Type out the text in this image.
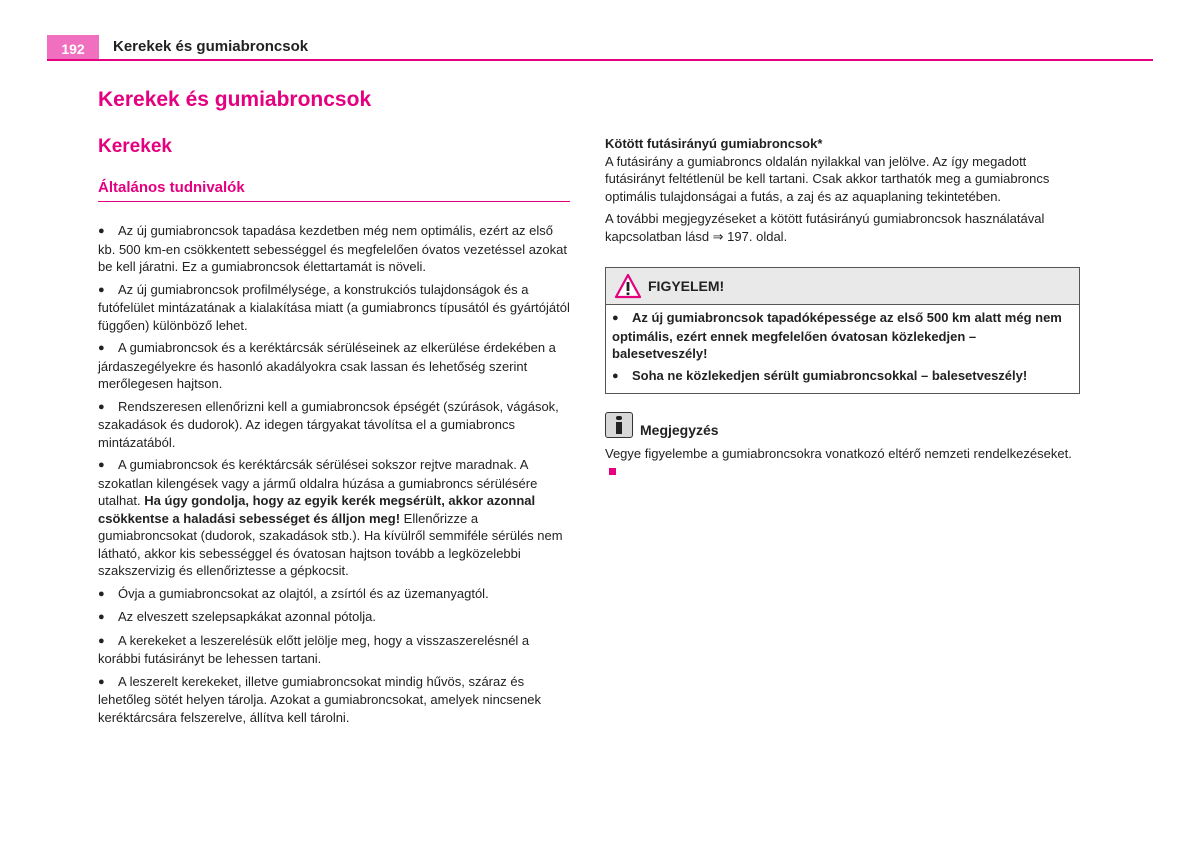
192	Kerekek és gumiabroncsok
Kerekek és gumiabroncsok
Kerekek
Általános tudnivalók
● Az új gumiabroncsok tapadása kezdetben még nem optimális, ezért az első kb. 500 km-en csökkentett sebességgel és megfelelően óvatos vezetéssel azokat be kell járatni. Ez a gumiabroncsok élettartamát is növeli.
● Az új gumiabroncsok profilmélysége, a konstrukciós tulajdonságok és a futófelület mintázatának a kialakítása miatt (a gumiabroncs típusától és gyártójától függően) különböző lehet.
● A gumiabroncsok és a keréktárcsák sérüléseinek az elkerülése érdekében a járdaszegélyekre és hasonló akadályokra csak lassan és lehetőség szerint merőlegesen hajtson.
● Rendszeresen ellenőrizni kell a gumiabroncsok épségét (szúrások, vágások, szakadások és dudorok). Az idegen tárgyakat távolítsa el a gumiabroncs mintázatából.
● A gumiabroncsok és keréktárcsák sérülései sokszor rejtve maradnak. A szokatlan kilengések vagy a jármű oldalra húzása a gumiabroncs sérülésére utalhat. Ha úgy gondolja, hogy az egyik kerék megsérült, akkor azonnal csökkentse a haladási sebességet és álljon meg! Ellenőrizze a gumiabroncsokat (dudorok, szakadások stb.). Ha kívülről semmiféle sérülés nem látható, akkor kis sebességgel és óvatosan hajtson tovább a legközelebbi szakszervizig és ellenőriztesse a gépkocsit.
● Óvja a gumiabroncsokat az olajtól, a zsírtól és az üzemanyagtól.
● Az elveszett szelepsapkákat azonnal pótolja.
● A kerekeket a leszerelésük előtt jelölje meg, hogy a visszaszerelésnél a korábbi futásirányt be lehessen tartani.
● A leszerelt kerekeket, illetve gumiabroncsokat mindig hűvös, száraz és lehetőleg sötét helyen tárolja. Azokat a gumiabroncsokat, amelyek nincsenek keréktárcsára felszerelve, állítva kell tárolni.

Kötött futásirányú gumiabroncsok*

A futásirány a gumiabroncs oldalán nyilakkal van jelölve. Az így megadott futásirányt feltétlenül be kell tartani. Csak akkor tarthatók meg a gumiabroncs optimális tulajdonságai a futás, a zaj és az aquaplaning tekintetében.

A további megjegyzéseket a kötött futásirányú gumiabroncsok használatával kapcsolatban lásd ⇒ 197. oldal.

FIGYELEM!

● Az új gumiabroncsok tapadóképessége az első 500 km alatt még nem optimális, ezért ennek megfelelően óvatosan közlekedjen – balesetveszély!

● Soha ne közlekedjen sérült gumiabroncsokkal – balesetveszély!

Megjegyzés

Vegye figyelembe a gumiabroncsokra vonatkozó eltérő nemzeti rendelkezéseket.
